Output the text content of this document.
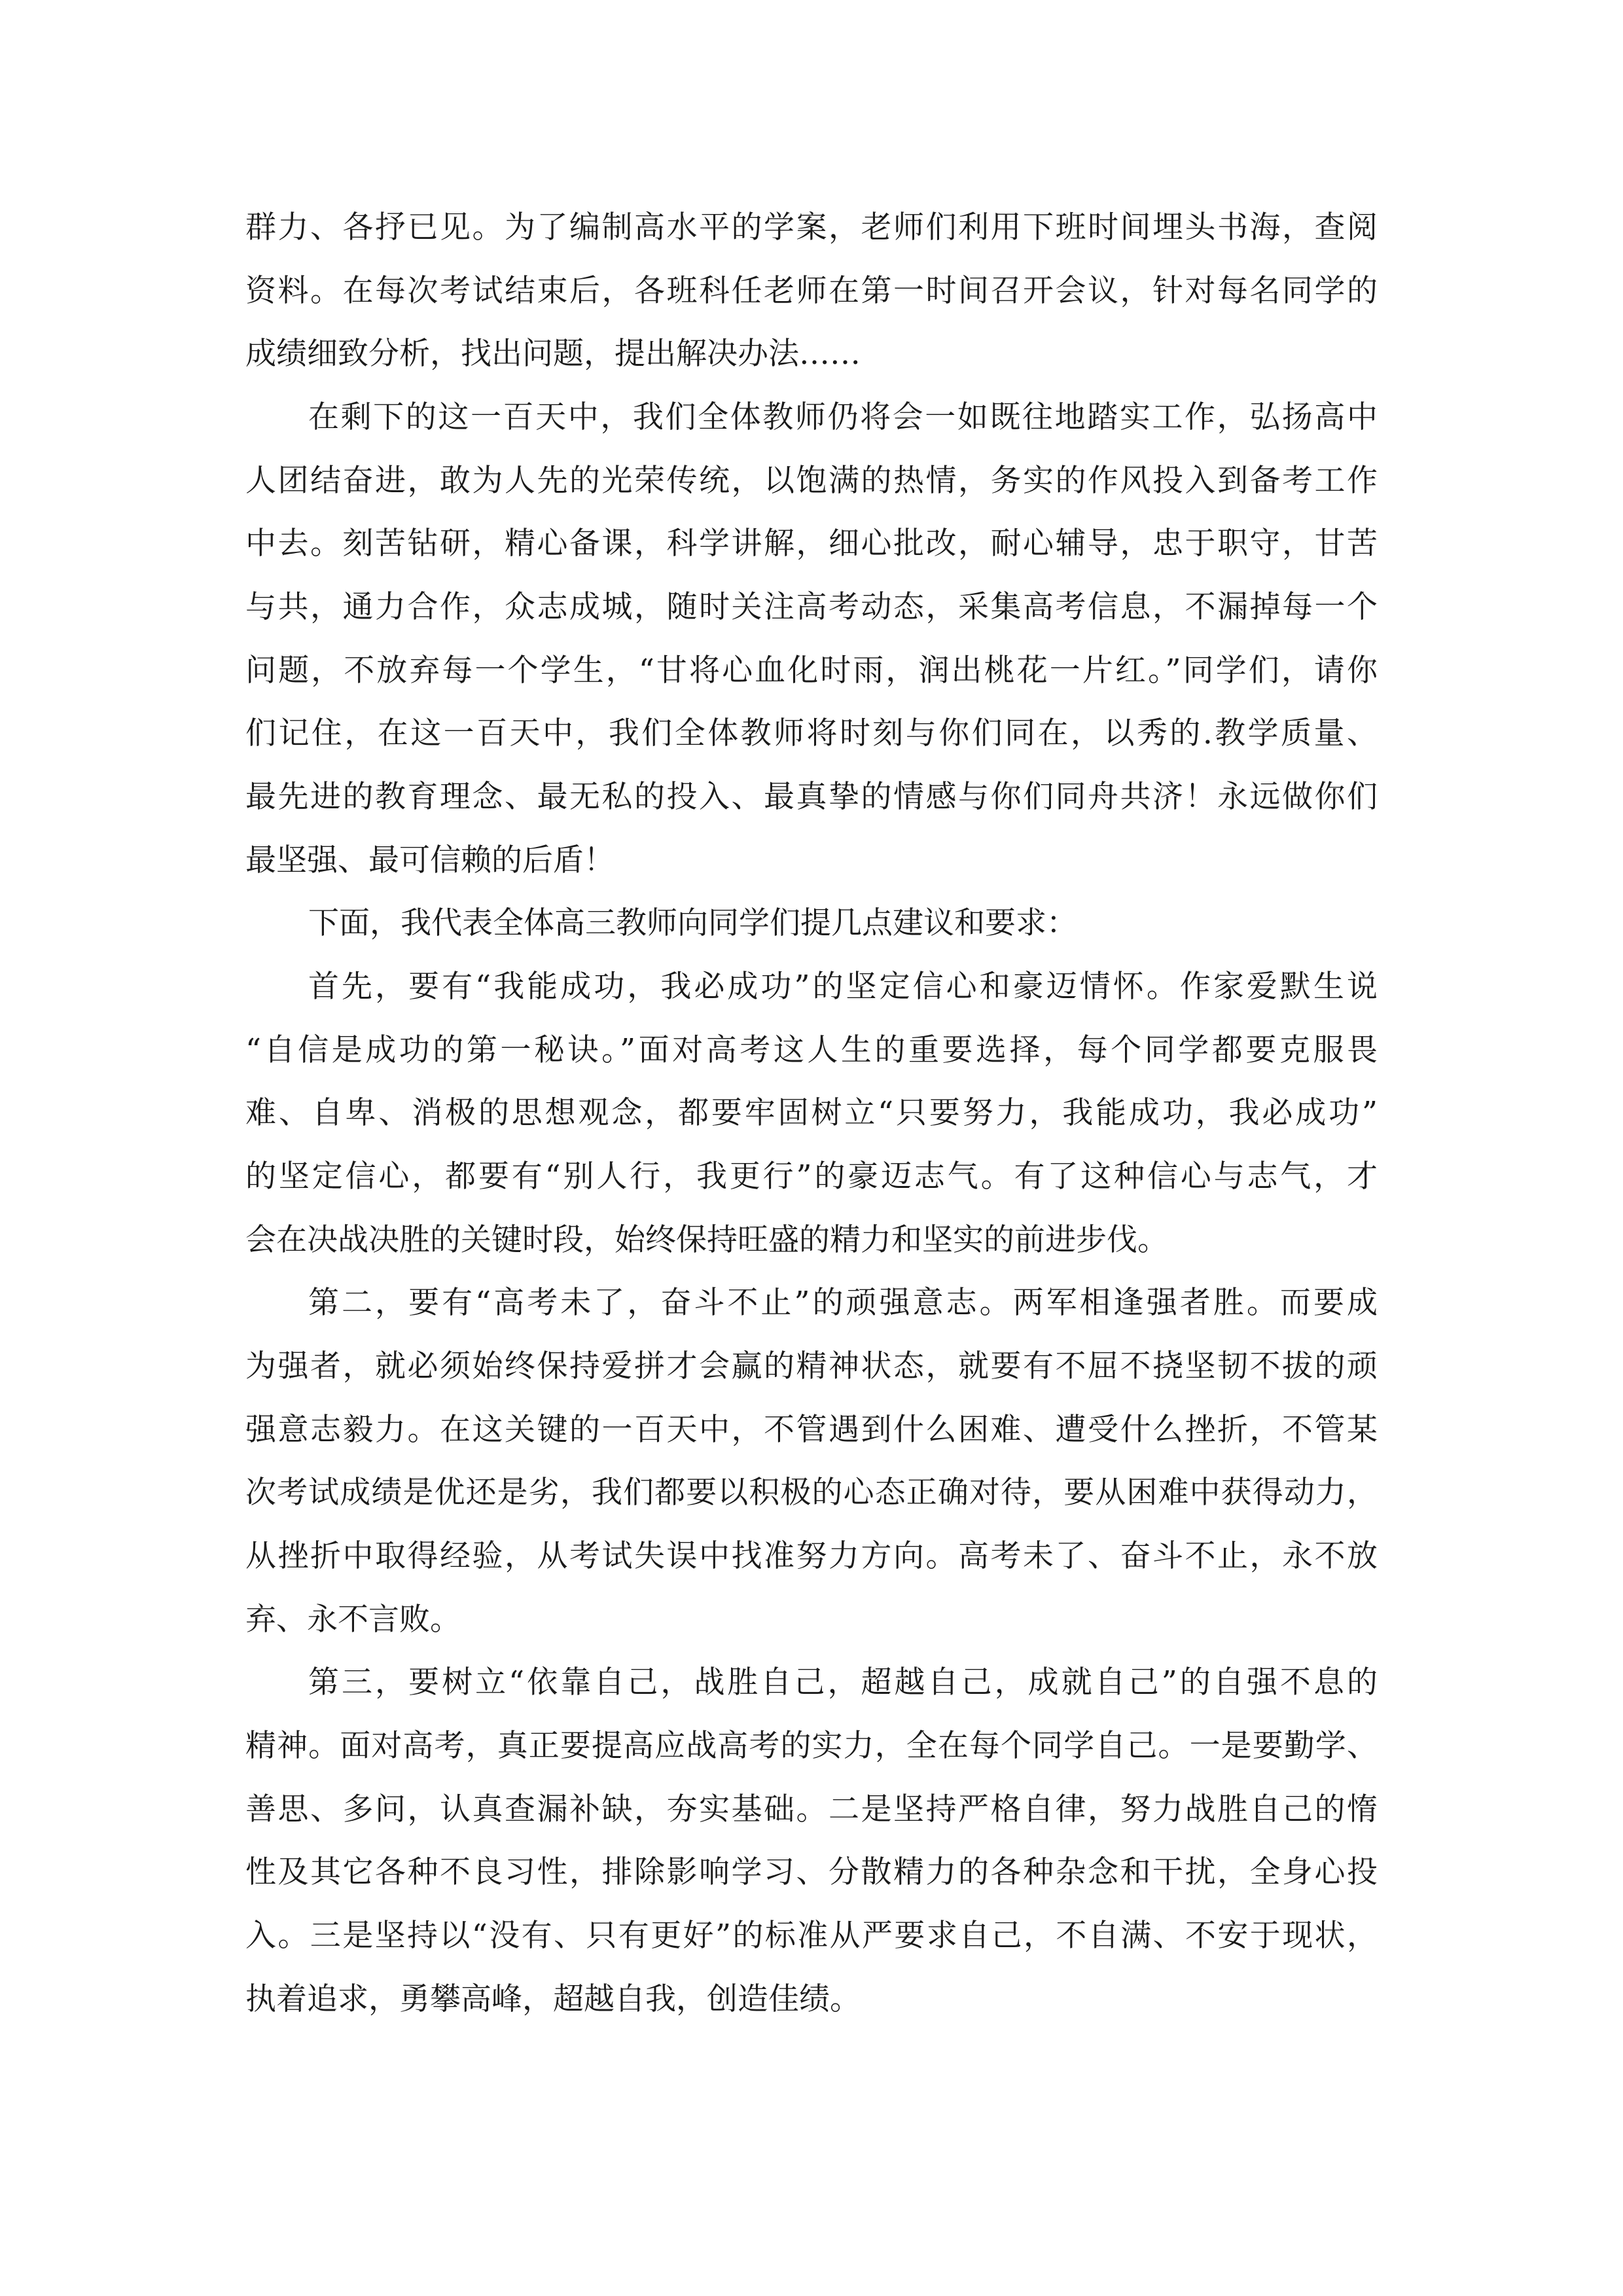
群力、各抒已见。为了编制高水平的学案，老师们利用下班时间埋头书海，查阅

资料。在每次考试结束后，各班科任老师在第一时间召开会议，针对每名同学的

成绩细致分析，找出问题，提出解决办法……

在剩下的这一百天中，我们全体教师仍将会一如既往地踏实工作，弘扬高中

人团结奋进，敢为人先的光荣传统，以饱满的热情，务实的作风投入到备考工作

中去。刻苦钻研，精心备课，科学讲解，细心批改，耐心辅导，忠于职守，甘苦

与共，通力合作，众志成城，随时关注高考动态，采集高考信息，不漏掉每一个

问题，不放弃每一个学生，“甘将心血化时雨，润出桃花一片红。”同学们，请你

们记住，在这一百天中，我们全体教师将时刻与你们同在，以秀的.教学质量、

最先进的教育理念、最无私的投入、最真挚的情感与你们同舟共济！永远做你们

最坚强、最可信赖的后盾！

下面，我代表全体高三教师向同学们提几点建议和要求：

首先，要有“我能成功，我必成功”的坚定信心和豪迈情怀。作家爱默生说

“自信是成功的第一秘诀。”面对高考这人生的重要选择，每个同学都要克服畏

难、自卑、消极的思想观念，都要牢固树立“只要努力，我能成功，我必成功”

的坚定信心，都要有“别人行，我更行”的豪迈志气。有了这种信心与志气，才

会在决战决胜的关键时段，始终保持旺盛的精力和坚实的前进步伐。

第二，要有“高考未了，奋斗不止”的顽强意志。两军相逢强者胜。而要成

为强者，就必须始终保持爱拼才会赢的精神状态，就要有不屈不挠坚韧不拔的顽

强意志毅力。在这关键的一百天中，不管遇到什么困难、遭受什么挫折，不管某

次考试成绩是优还是劣，我们都要以积极的心态正确对待，要从困难中获得动力，

从挫折中取得经验，从考试失误中找准努力方向。高考未了、奋斗不止，永不放

弃、永不言败。

第三，要树立“依靠自己，战胜自己，超越自己，成就自己”的自强不息的

精神。面对高考，真正要提高应战高考的实力，全在每个同学自己。一是要勤学、

善思、多问，认真查漏补缺，夯实基础。二是坚持严格自律，努力战胜自己的惰

性及其它各种不良习性，排除影响学习、分散精力的各种杂念和干扰，全身心投

入。三是坚持以“没有、只有更好”的标准从严要求自己，不自满、不安于现状，

执着追求，勇攀高峰，超越自我，创造佳绩。
